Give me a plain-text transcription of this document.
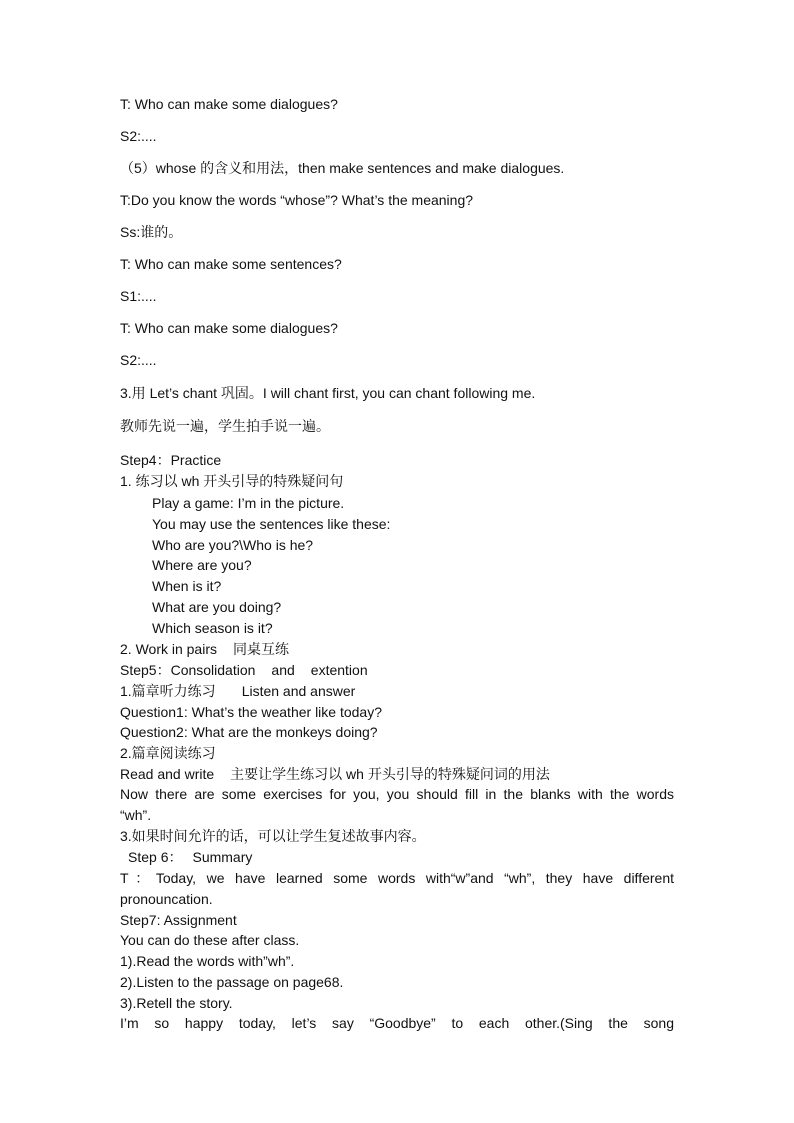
T: Who can make some dialogues?
S2:....
（5）whose 的含义和用法，then make sentences and make dialogues.
T:Do you know the words “whose”? What’s the meaning?
Ss:谁的。
T: Who can make some sentences?
S1:....
T: Who can make some dialogues?
S2:....
3.用 Let’s chant 巩固。I will chant first, you can chant following me.
教师先说一遍，学生拍手说一遍。
Step4：Practice
1. 练习以 wh 开头引导的特殊疑问句
Play a game: I’m in the picture.
You may use the sentences like these:
Who are you?\Who is he?
Where are you?
When is it?
What are you doing?
Which season is it?
2. Work in pairs 同桌互练
Step5：Consolidation and extention
1.篇章听力练习 Listen and answer
Question1: What’s the weather like today?
Question2: What are the monkeys doing?
2.篇章阅读练习
Read and write 主要让学生练习以 wh 开头引导的特殊疑问词的用法
Now there are some exercises for you, you should fill in the blanks with the words
“wh”.
3.如果时间允许的话，可以让学生复述故事内容。
Step 6： Summary
T：Today, we have learned some words with“w”and “wh”, they have different
pronouncation.
Step7: Assignment
You can do these after class.
1).Read the words with”wh”.
2).Listen to the passage on page68.
3).Retell the story.
I’m so happy today, let’s say “Goodbye” to each other.(Sing the song
